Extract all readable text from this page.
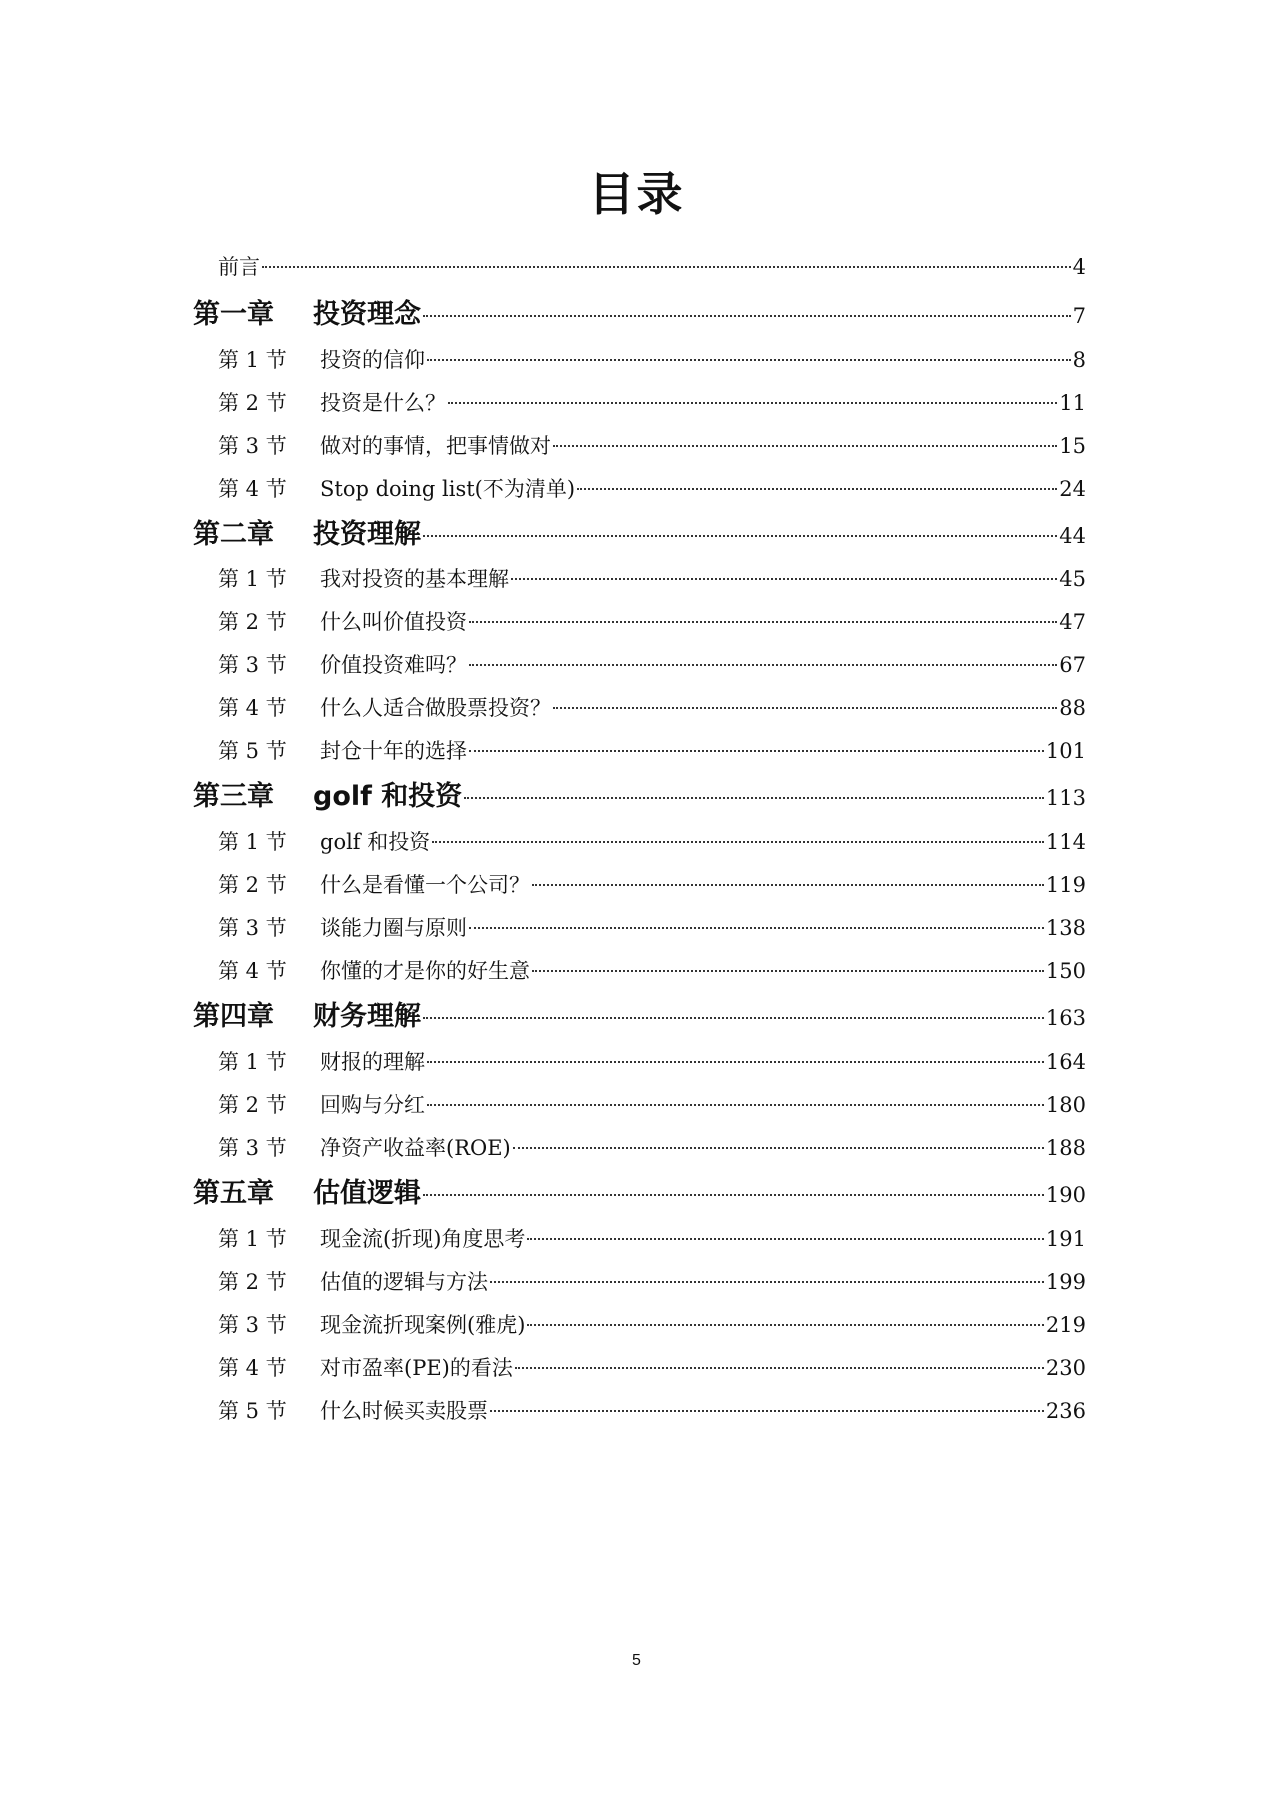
目录
前言	4
第一章	投资理念	7
第 1 节	投资的信仰	8
第 2 节	投资是什么？	11
第 3 节	做对的事情，把事情做对	15
第 4 节	Stop doing list(不为清单)	24
第二章	投资理解	44
第 1 节	我对投资的基本理解	45
第 2 节	什么叫价值投资	47
第 3 节	价值投资难吗？	67
第 4 节	什么人适合做股票投资？	88
第 5 节	封仓十年的选择	101
第三章	golf 和投资	113
第 1 节	golf 和投资	114
第 2 节	什么是看懂一个公司？	119
第 3 节	谈能力圈与原则	138
第 4 节	你懂的才是你的好生意	150
第四章	财务理解	163
第 1 节	财报的理解	164
第 2 节	回购与分红	180
第 3 节	净资产收益率(ROE)	188
第五章	估值逻辑	190
第 1 节	现金流(折现)角度思考	191
第 2 节	估值的逻辑与方法	199
第 3 节	现金流折现案例(雅虎)	219
第 4 节	对市盈率(PE)的看法	230
第 5 节	什么时候买卖股票	236
5
